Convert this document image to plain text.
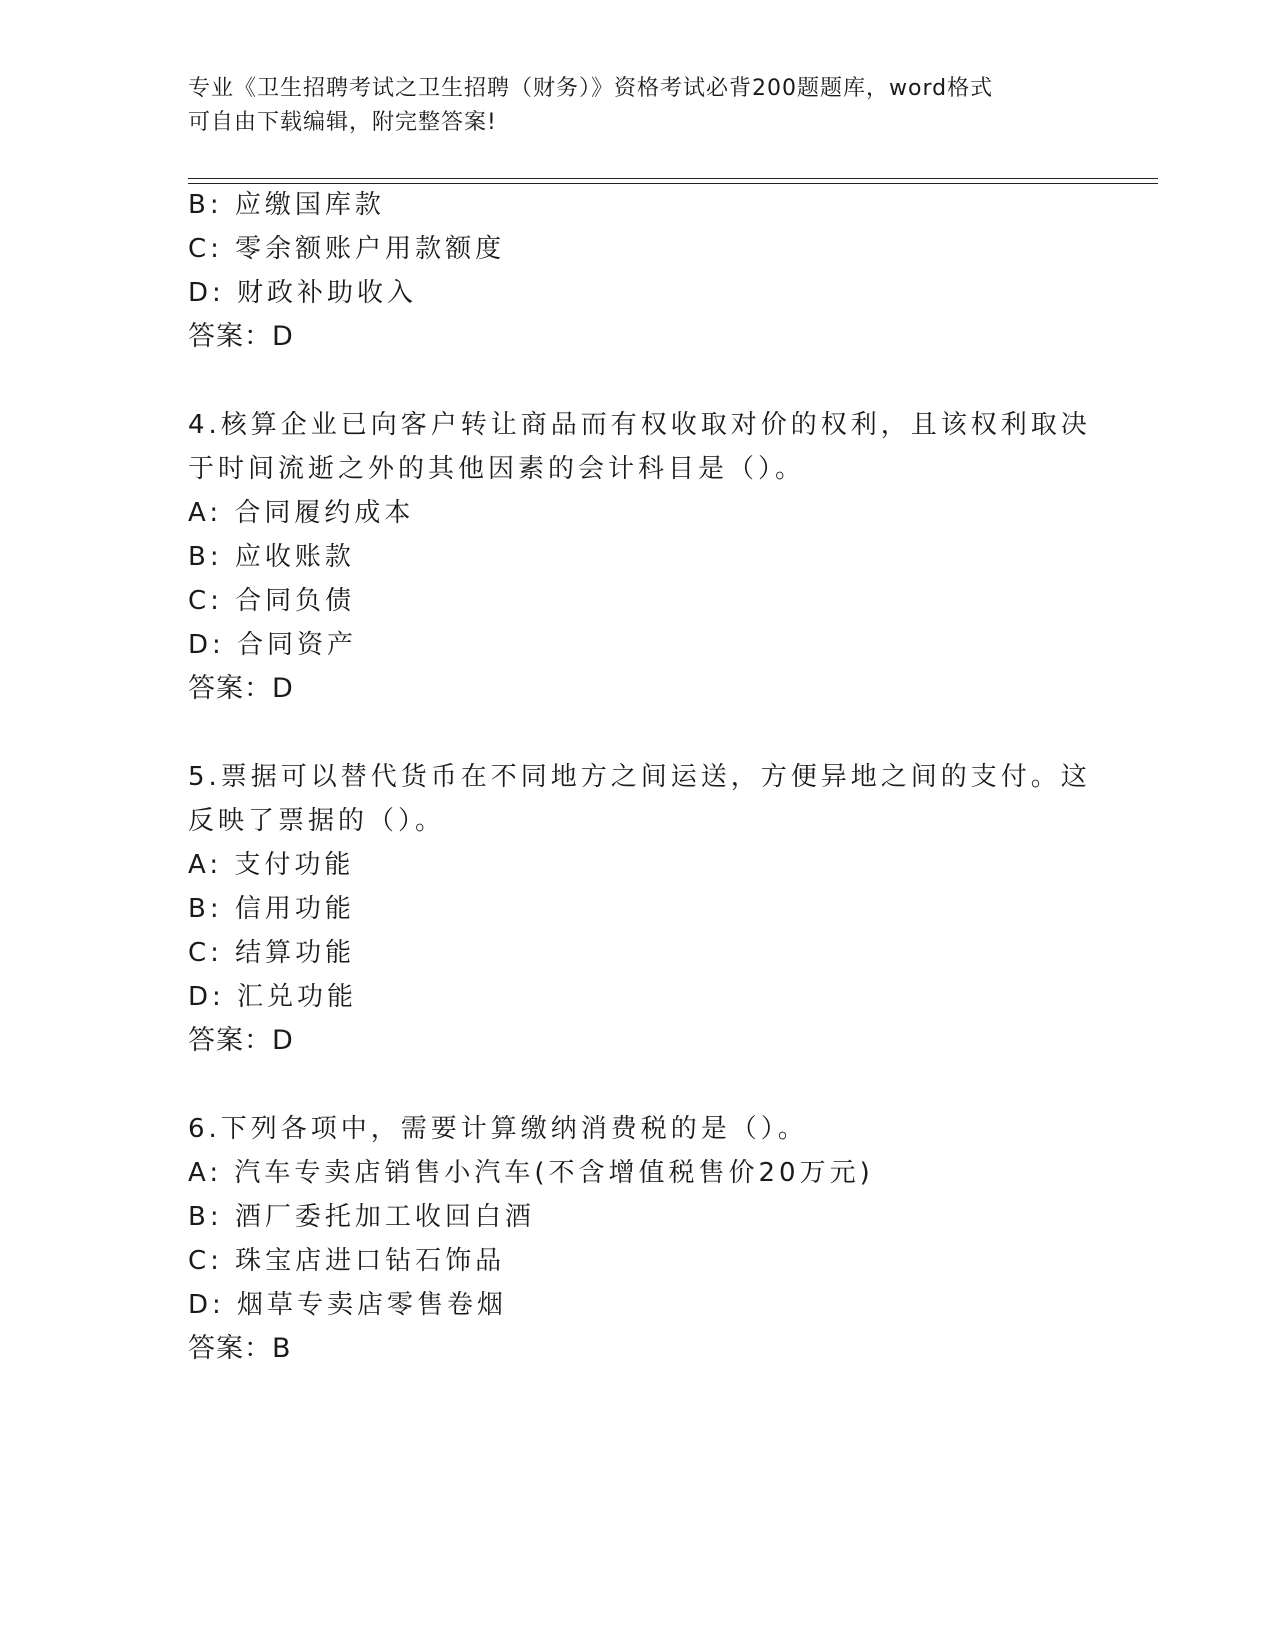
专业《卫生招聘考试之卫生招聘（财务）》资格考试必背200题题库，word格式
可自由下载编辑，附完整答案!
B: 应缴国库款
C: 零余额账户用款额度
D: 财政补助收入
答案：D
4.核算企业已向客户转让商品而有权收取对价的权利，且该权利取决
于时间流逝之外的其他因素的会计科目是（）。
A: 合同履约成本
B: 应收账款
C: 合同负债
D: 合同资产
答案：D
5.票据可以替代货币在不同地方之间运送，方便异地之间的支付。这
反映了票据的（）。
A: 支付功能
B: 信用功能
C: 结算功能
D: 汇兑功能
答案：D
6.下列各项中，需要计算缴纳消费税的是（）。
A: 汽车专卖店销售小汽车(不含增值税售价20万元)
B: 酒厂委托加工收回白酒
C: 珠宝店进口钻石饰品
D: 烟草专卖店零售卷烟
答案：B
